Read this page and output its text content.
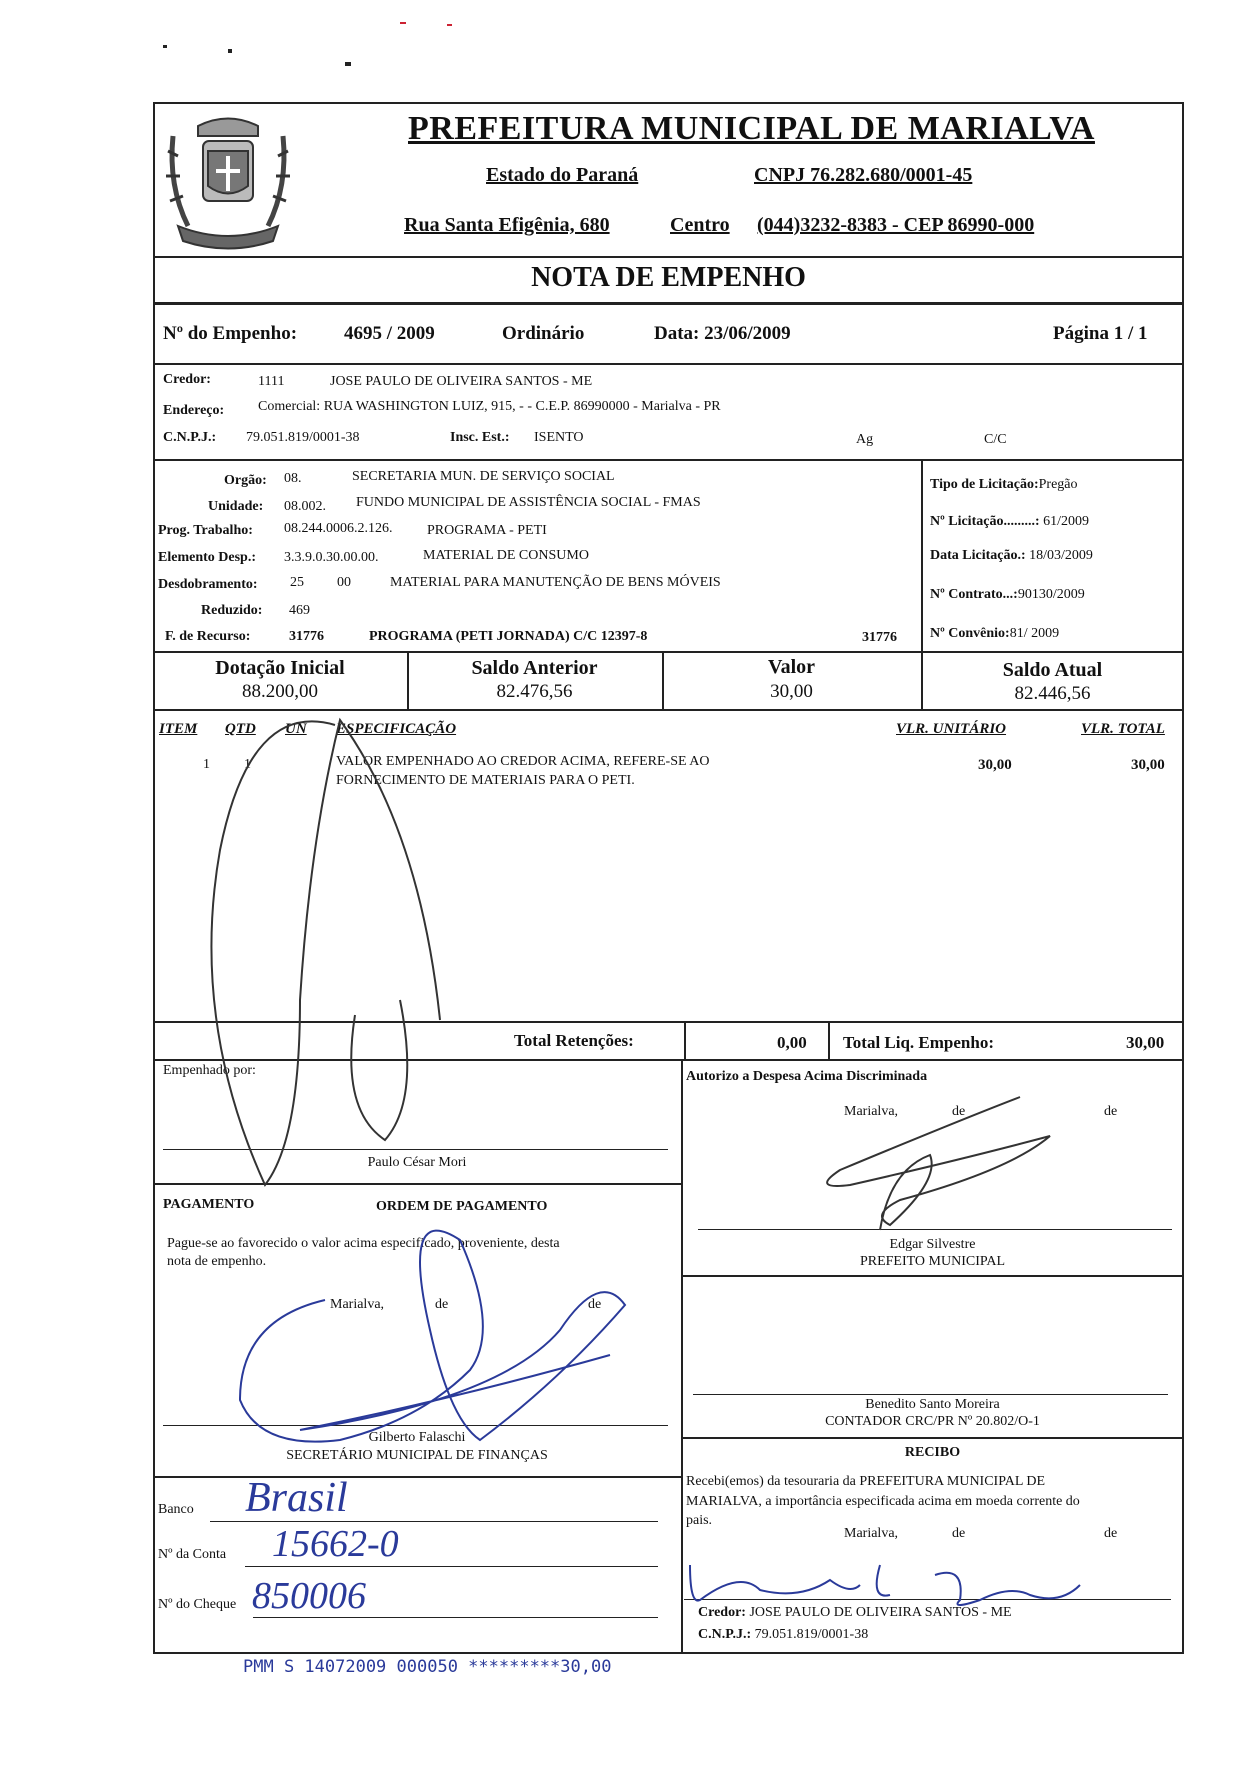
PREFEITURA MUNICIPAL DE MARIALVA
Estado do Paraná	CNPJ 76.282.680/0001-45
Rua Santa Efigênia, 680	Centro (044)3232-8383 - CEP 86990-000
NOTA DE EMPENHO
Nº do Empenho: 4695 / 2009	Ordinário	Data: 23/06/2009	Página 1 / 1
Credor:	1111	JOSE PAULO DE OLIVEIRA SANTOS - ME
Endereço: Comercial: RUA WASHINGTON LUIZ, 915, - - C.E.P. 86990000 - Marialva - PR
C.N.P.J.: 79.051.819/0001-38	Insc. Est.: ISENTO	Ag	C/C
Orgão: 08.	SECRETARIA MUN. DE SERVIÇO SOCIAL
Unidade: 08.002. FUNDO MUNICIPAL DE ASSISTÊNCIA SOCIAL - FMAS
Prog. Trabalho: 08.244.0006.2.126. PROGRAMA - PETI
Elemento Desp.: 3.3.9.0.30.00.00.	MATERIAL DE CONSUMO
Desdobramento: 25 00	MATERIAL PARA MANUTENÇÃO DE BENS MÓVEIS
Reduzido: 469
F. de Recurso:	31776	PROGRAMA (PETI JORNADA) C/C 12397-8	31776
Tipo de Licitação:Pregão
Nº Licitação.........: 61/2009
Data Licitação.: 18/03/2009
Nº Contrato...:90130/2009
Nº Convênio:81/ 2009
Dotação Inicial
88.200,00
Saldo Anterior
82.476,56
Valor
30,00
Saldo Atual
82.446,56
ITEM QTD UN ESPECIFICAÇÃO	VLR. UNITÁRIO	VLR. TOTAL
1 1	VALOR EMPENHADO AO CREDOR ACIMA, REFERE-SE AO
FORNECIMENTO DE MATERIAIS PARA O PETI.
30,00	30,00
Total Retenções:	0,00 Total Liq. Empenho:	30,00
Empenhado por:
Paulo César Mori
Autorizo a Despesa Acima Discriminada
Marialva,	de	de
Edgar Silvestre
PREFEITO MUNICIPAL
PAGAMENTO	ORDEM DE PAGAMENTO
Pague-se ao favorecido o valor acima especificado, proveniente, desta
nota de empenho.
Marialva,	de	de
Gilberto Falaschi
SECRETÁRIO MUNICIPAL DE FINANÇAS
Benedito Santo Moreira
CONTADOR CRC/PR Nº 20.802/O-1
RECIBO
Recebi(emos) da tesouraria da PREFEITURA MUNICIPAL DE
MARIALVA, a importância especificada acima em moeda corrente do
pais.
Marialva,	de	de
Credor: JOSE PAULO DE OLIVEIRA SANTOS - ME
C.N.P.J.: 79.051.819/0001-38
Banco Brasil
Nº da Conta 15662-0
Nº do Cheque 850006
PMM S 14072009 000050 *********30,00
